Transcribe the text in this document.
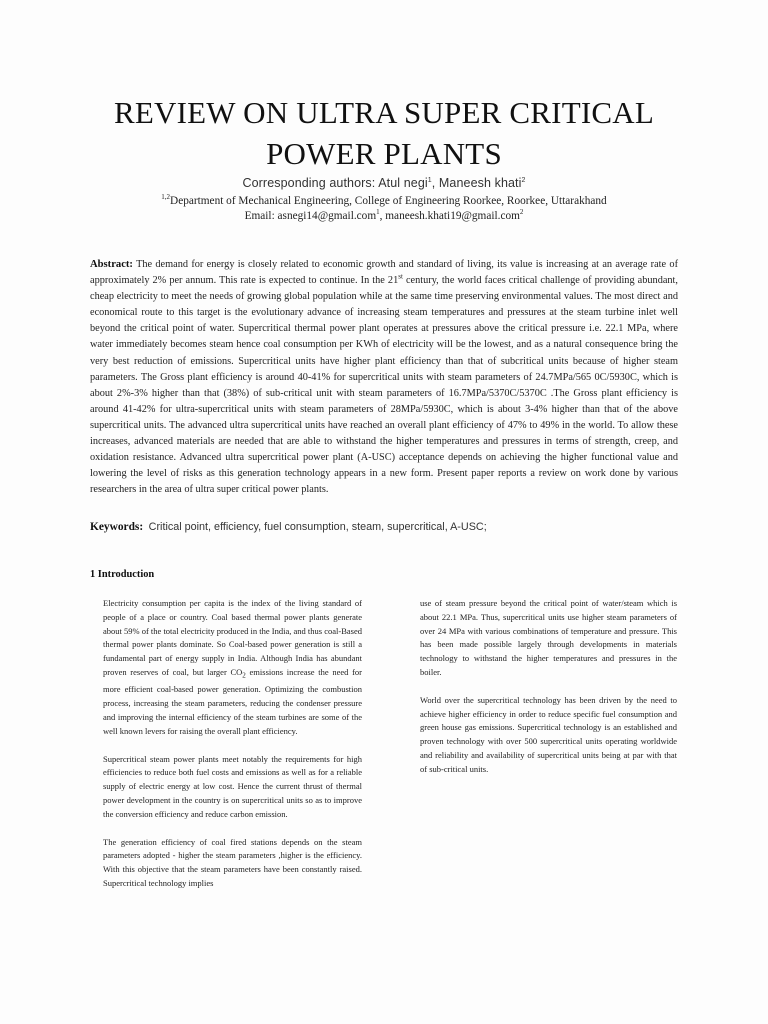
REVIEW ON ULTRA SUPER CRITICAL
POWER PLANTS
Corresponding authors: Atul negi$^1$, Maneesh khati$^2$
$^{1,2}$Department of Mechanical Engineering, College of Engineering Roorkee, Roorkee, Uttarakhand
Email: asnegi14@gmail.com$^1$, maneesh.khati19@gmail.com$^2$
Abstract: The demand for energy is closely related to economic growth and standard of living, its value is increasing at an average rate of approximately 2% per annum. This rate is expected to continue. In the 21st century, the world faces critical challenge of providing abundant, cheap electricity to meet the needs of growing global population while at the same time preserving environmental values. The most direct and economical route to this target is the evolutionary advance of increasing steam temperatures and pressures at the steam turbine inlet well beyond the critical point of water. Supercritical thermal power plant operates at pressures above the critical pressure i.e. 22.1 MPa, where water immediately becomes steam hence coal consumption per KWh of electricity will be the lowest, and as a natural consequence bring the very best reduction of emissions. Supercritical units have higher plant efficiency than that of subcritical units because of higher steam parameters. The Gross plant efficiency is around 40-41% for supercritical units with steam parameters of 24.7MPa/565 0C/5930C, which is about 2%-3% higher than that (38%) of sub-critical unit with steam parameters of 16.7MPa/5370C/5370C .The Gross plant efficiency is around 41-42% for ultra-supercritical units with steam parameters of 28MPa/5930C, which is about 3-4% higher than that of the above supercritical units. The advanced ultra supercritical units have reached an overall plant efficiency of 47% to 49% in the world. To allow these increases, advanced materials are needed that are able to withstand the higher temperatures and pressures in terms of strength, creep, and oxidation resistance. Advanced ultra supercritical power plant (A-USC) acceptance depends on achieving the higher functional value and lowering the level of risks as this generation technology appears in a new form. Present paper reports a review on work done by various researchers in the area of ultra super critical power plants.
Keywords: Critical point, efficiency, fuel consumption, steam, supercritical, A-USC;
1 Introduction

Electricity consumption per capita is the index of the living standard of people of a place or country. Coal based thermal power plants generate about 59% of the total electricity produced in the India, and thus coal-Based thermal power plants dominate. So Coal-based power generation is still a fundamental part of energy supply in India. Although India has abundant proven reserves of coal, but larger $CO_2$ emissions increase the need for more efficient coal-based power generation. Optimizing the combustion process, increasing the steam parameters, reducing the condenser pressure and improving the internal efficiency of the steam turbines are some of the well known levers for raising the overall plant efficiency.

Supercritical steam power plants meet notably the requirements for high efficiencies to reduce both fuel costs and emissions as well as for a reliable supply of electric energy at low cost. Hence the current thrust of thermal power development in the country is on supercritical units so as to improve the conversion efficiency and reduce carbon emission.

The generation efficiency of coal fired stations depends on the steam parameters adopted - higher the steam parameters ,higher is the efficiency. With this objective that the steam parameters have been constantly raised. Supercritical technology implies

use of steam pressure beyond the critical point of water/steam which is about 22.1 MPa. Thus, supercritical units use higher steam parameters of over 24 MPa with various combinations of temperature and pressure. This has been made possible largely through developments in materials technology to withstand the higher temperatures and pressures in the boiler.

World over the supercritical technology has been driven by the need to achieve higher efficiency in order to reduce specific fuel consumption and green house gas emissions. Supercritical technology is an established and proven technology with over 500 supercritical units operating worldwide and reliability and availability of supercritical units being at par with that of sub-critical units.
